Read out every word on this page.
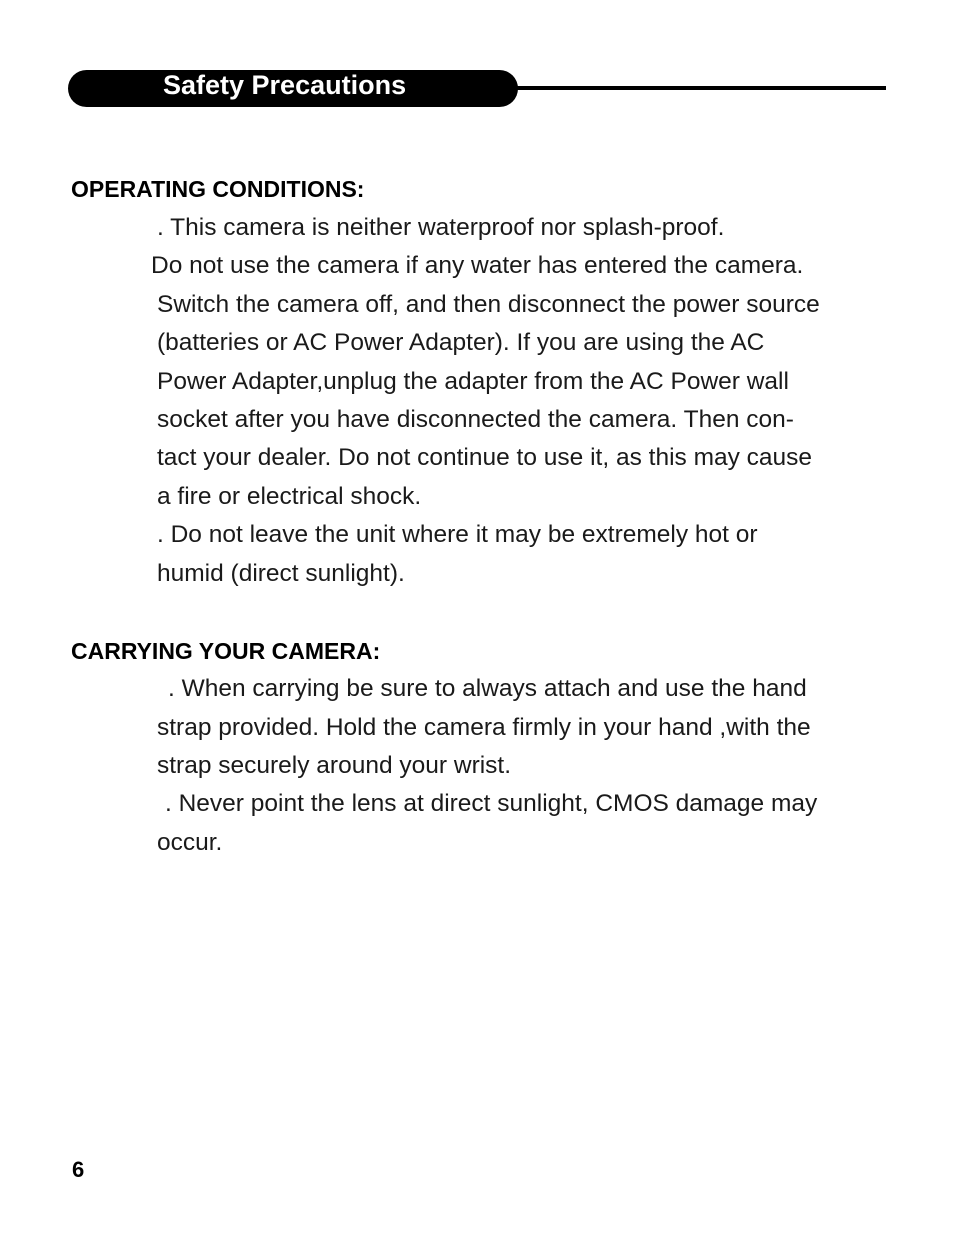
Safety Precautions
OPERATING CONDITIONS:
. This camera is neither waterproof nor splash-proof.
Do not use the camera if any water has entered the camera.
Switch the camera off, and then disconnect the power source
(batteries or AC Power Adapter). If you are using the AC
Power Adapter,unplug the adapter from the AC Power wall
socket after you have disconnected the camera. Then con-
tact your dealer. Do not continue to use it, as this may cause
a fire or electrical shock.
. Do not leave the unit where it may be extremely hot or
humid (direct sunlight).
CARRYING YOUR CAMERA:
. When carrying be sure to always attach and use the hand
strap provided. Hold the camera firmly in your hand ,with the
strap securely around your wrist.
. Never point the lens at direct sunlight, CMOS damage may
occur.
6
